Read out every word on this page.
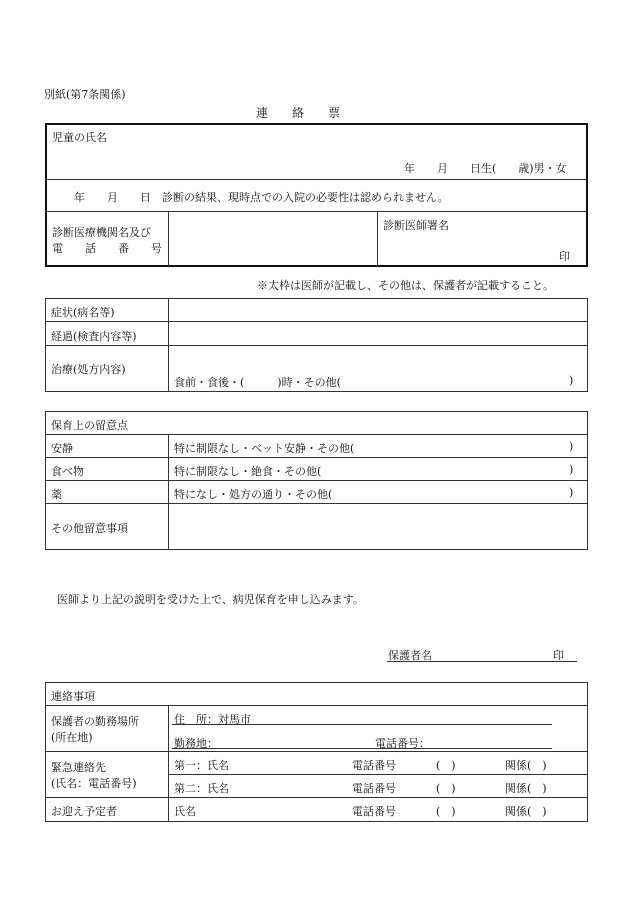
別紙(第7条関係)
連　　絡　　票
児童の氏名
年　　月　　日生(　　歳)男・女
年　　月　　日　診断の結果、現時点での入院の必要性は認められません。
診断医療機関名及び
電　　話　　番　　号
診断医師署名
印
※太枠は医師が記載し、その他は、保護者が記載すること。
症状(病名等)
経過(検査内容等)
治療(処方内容)
食前・食後・(　　　)時・その他(	)
保育上の留意点
安静	特に制限なし・ベット安静・その他(	)
食べ物	特に制限なし・絶食・その他(	)
薬	特になし・処方の通り・その他(	)
その他留意事項
医師より上記の説明を受けた上で、病児保育を申し込みます。
保護者名	印
連絡事項
保護者の勤務場所
(所在地)
住　所：対馬市
勤務地：	電話番号：
緊急連絡先
(氏名：電話番号)
第一：氏名	電話番号	(　)	関係(　)
第二：氏名	電話番号	(　)	関係(　)
お迎え予定者	氏名	電話番号	(　)	関係(　)
